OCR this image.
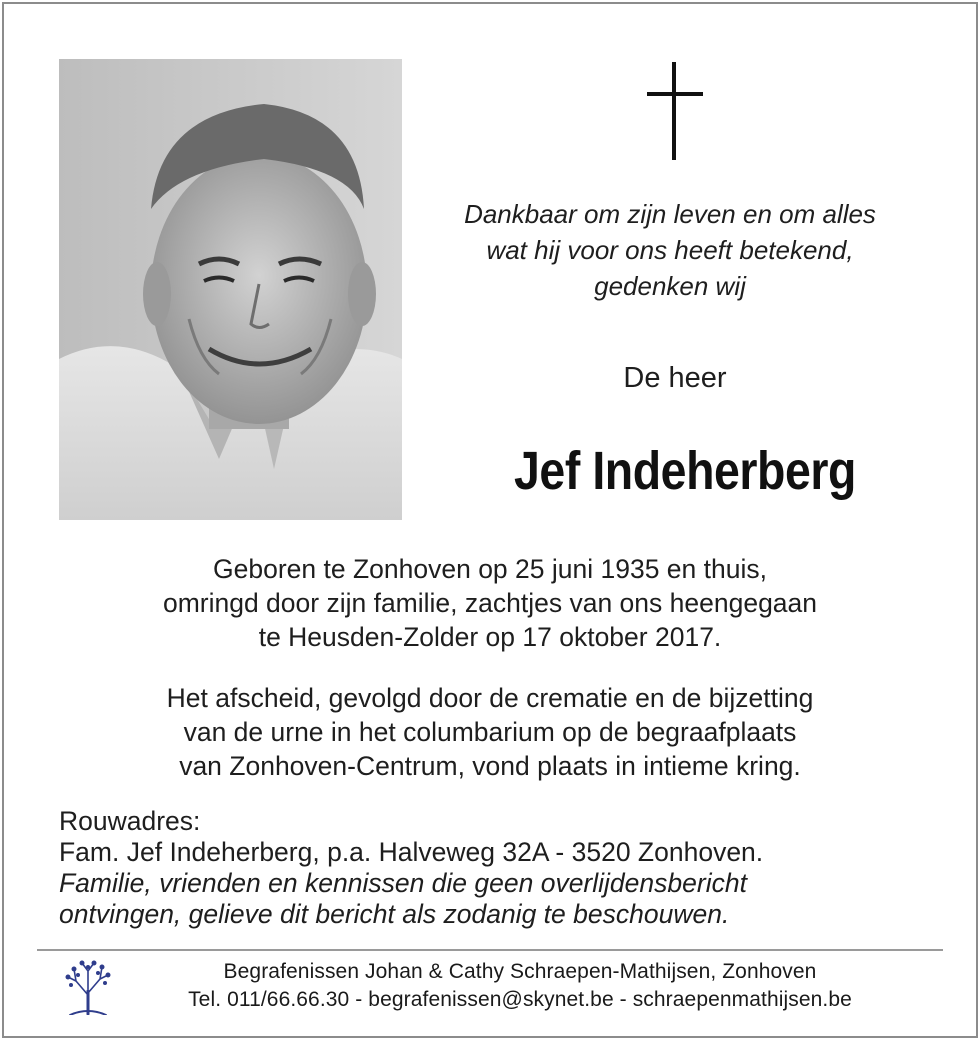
Dankbaar om zijn leven en om alles
wat hij voor ons heeft betekend,
gedenken wij
De heer
Jef Indeherberg
Geboren te Zonhoven op 25 juni 1935 en thuis,
omringd door zijn familie, zachtjes van ons heengegaan
te Heusden-Zolder op 17 oktober 2017.
Het afscheid, gevolgd door de crematie en de bijzetting
van de urne in het columbarium op de begraafplaats
van Zonhoven-Centrum, vond plaats in intieme kring.
Rouwadres:
Fam. Jef Indeherberg, p.a. Halveweg 32A - 3520 Zonhoven.
Familie, vrienden en kennissen die geen overlijdensbericht
ontvingen, gelieve dit bericht als zodanig te beschouwen.
Begrafenissen Johan & Cathy Schraepen-Mathijsen, Zonhoven
Tel. 011/66.66.30 - begrafenissen@skynet.be - schraepenmathijsen.be
